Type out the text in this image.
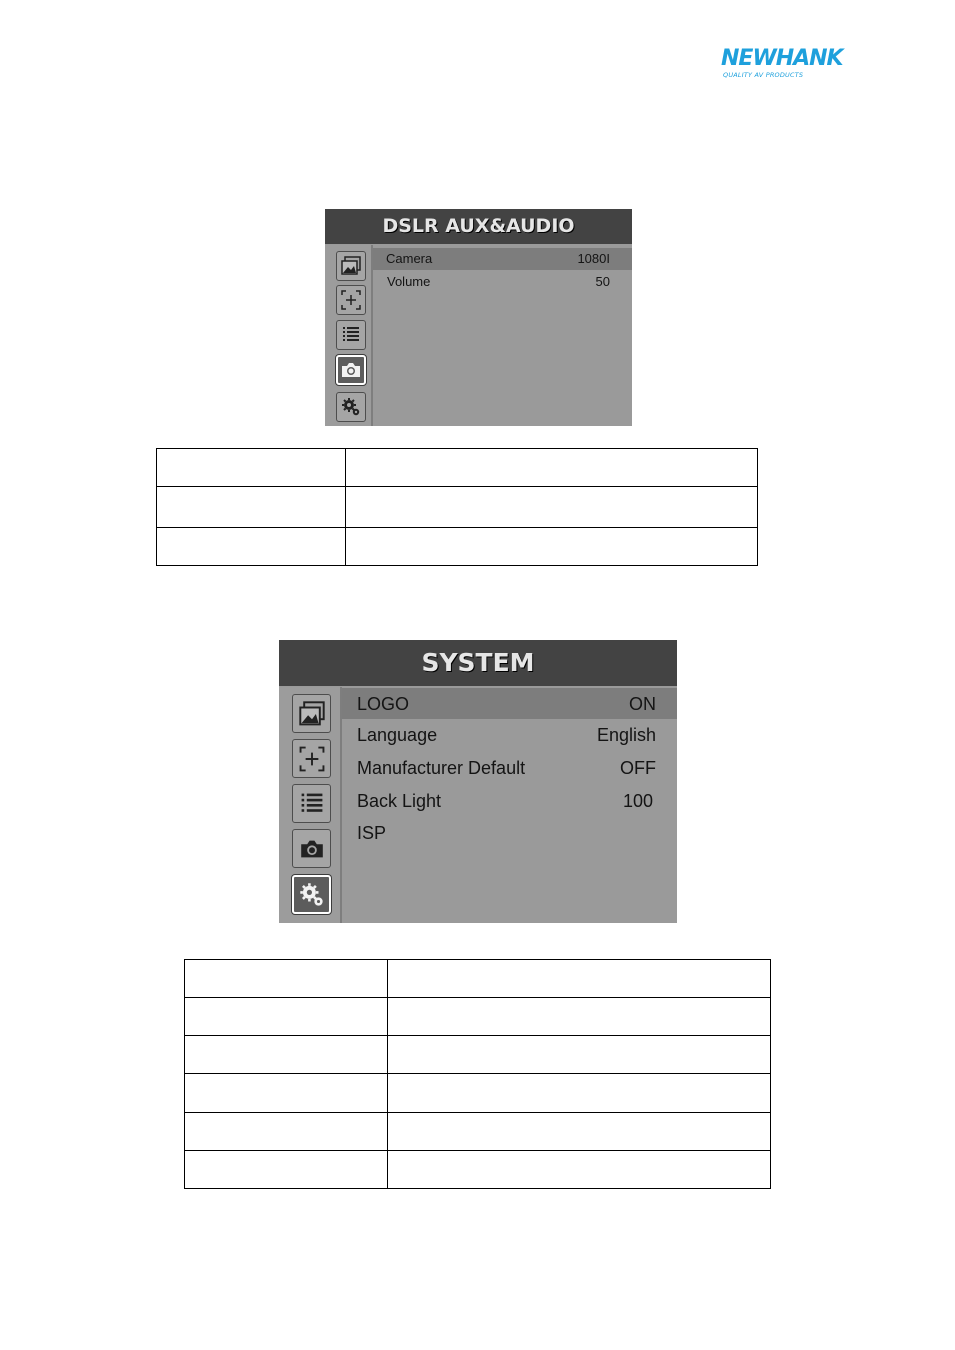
NEWHANK
QUALITY AV PRODUCTS
DSLR AUX&AUDIO
Camera	1080I
Volume	50

SYSTEM
LOGO	ON
Language	English
Manufacturer Default	OFF
Back Light	100
ISP
